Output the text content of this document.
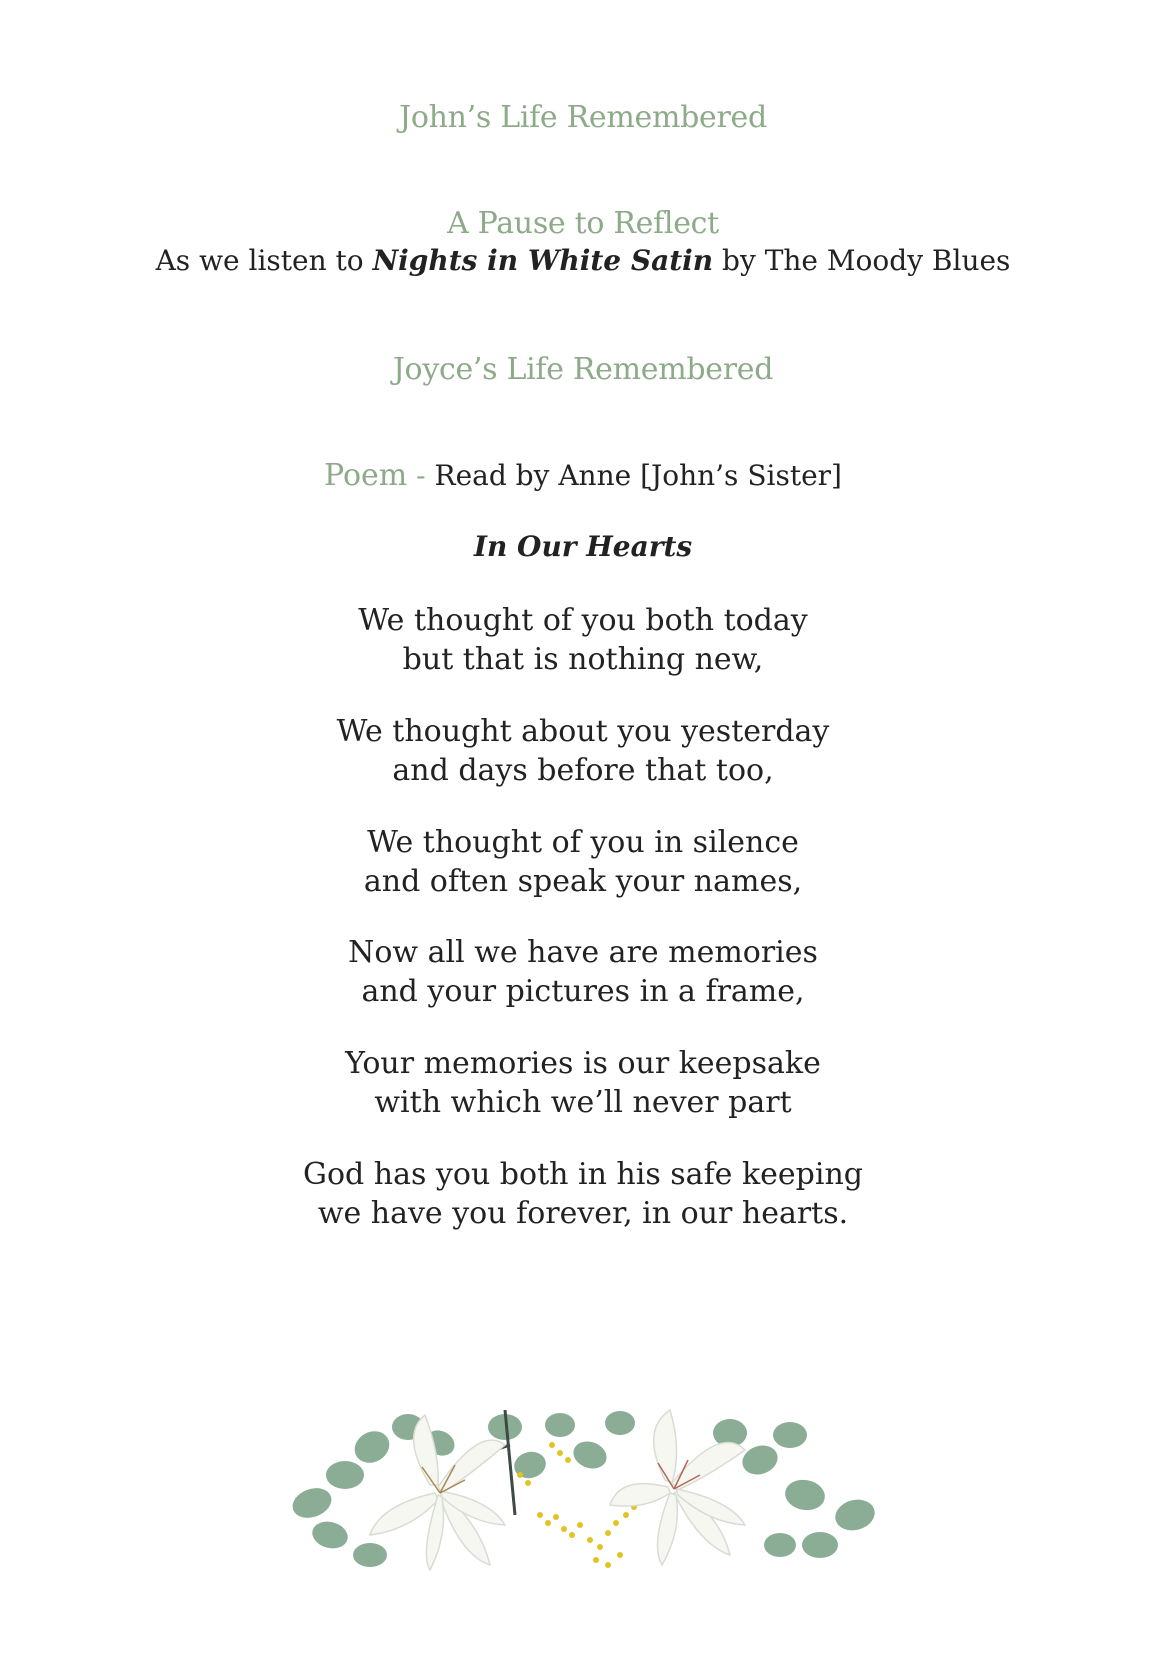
John’s Life Remembered
A Pause to Reflect
As we listen to Nights in White Satin by The Moody Blues
Joyce’s Life Remembered
Poem - Read by Anne [John’s Sister]
In Our Hearts
We thought of you both today
but that is nothing new,
We thought about you yesterday
and days before that too,
We thought of you in silence
and often speak your names,
Now all we have are memories
and your pictures in a frame,
Your memories is our keepsake
with which we’ll never part
God has you both in his safe keeping
we have you forever, in our hearts.
